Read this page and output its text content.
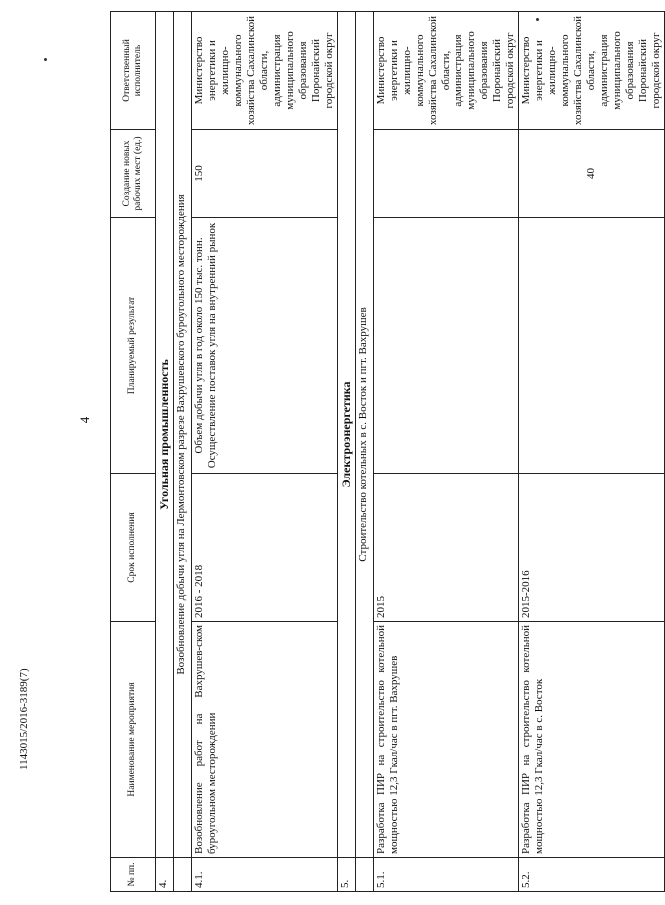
4
1143015/2016-3189(7)
№ пп.	Наименование мероприятия	Срок исполнения	Планируемый результат	Создание новых рабочих мест (ед.)	Ответственный исполнитель
4.	Угольная промышленность				
	Возобновление добычи угля на Лермонтовском разрезе Вахрушевского буроугольного месторождения				
4.1.	Возобновление работ на Вахрушев-ском буроугольном месторождении	2016 - 2018	Объем добычи угля в год около 150 тыс. тонн. Осуществление поставок угля на внутренний рынок	150	Министерство энергетики и жилищно-коммунального хозяйства Сахалинской области, администрация муниципального образования Поронайский городской округ
5.	Электроэнергетика				
	Строительство котельных в с. Восток и пгт. Вахрушев				
5.1.	Разработка ПИР на строительство котельной мощностью 12,3 Гкал/час в пгт. Вахрушев	2015			Министерство энергетики и жилищно-коммунального хозяйства Сахалинской области, администрация муниципального образования Поронайский городской округ
5.2.	Разработка ПИР на строительство котельной мощностью 12,3 Гкал/час в с. Восток	2015-2016		40	Министерство энергетики и жилищно-коммунального хозяйства Сахалинской области, администрация муниципального образования Поронайский городской округ
